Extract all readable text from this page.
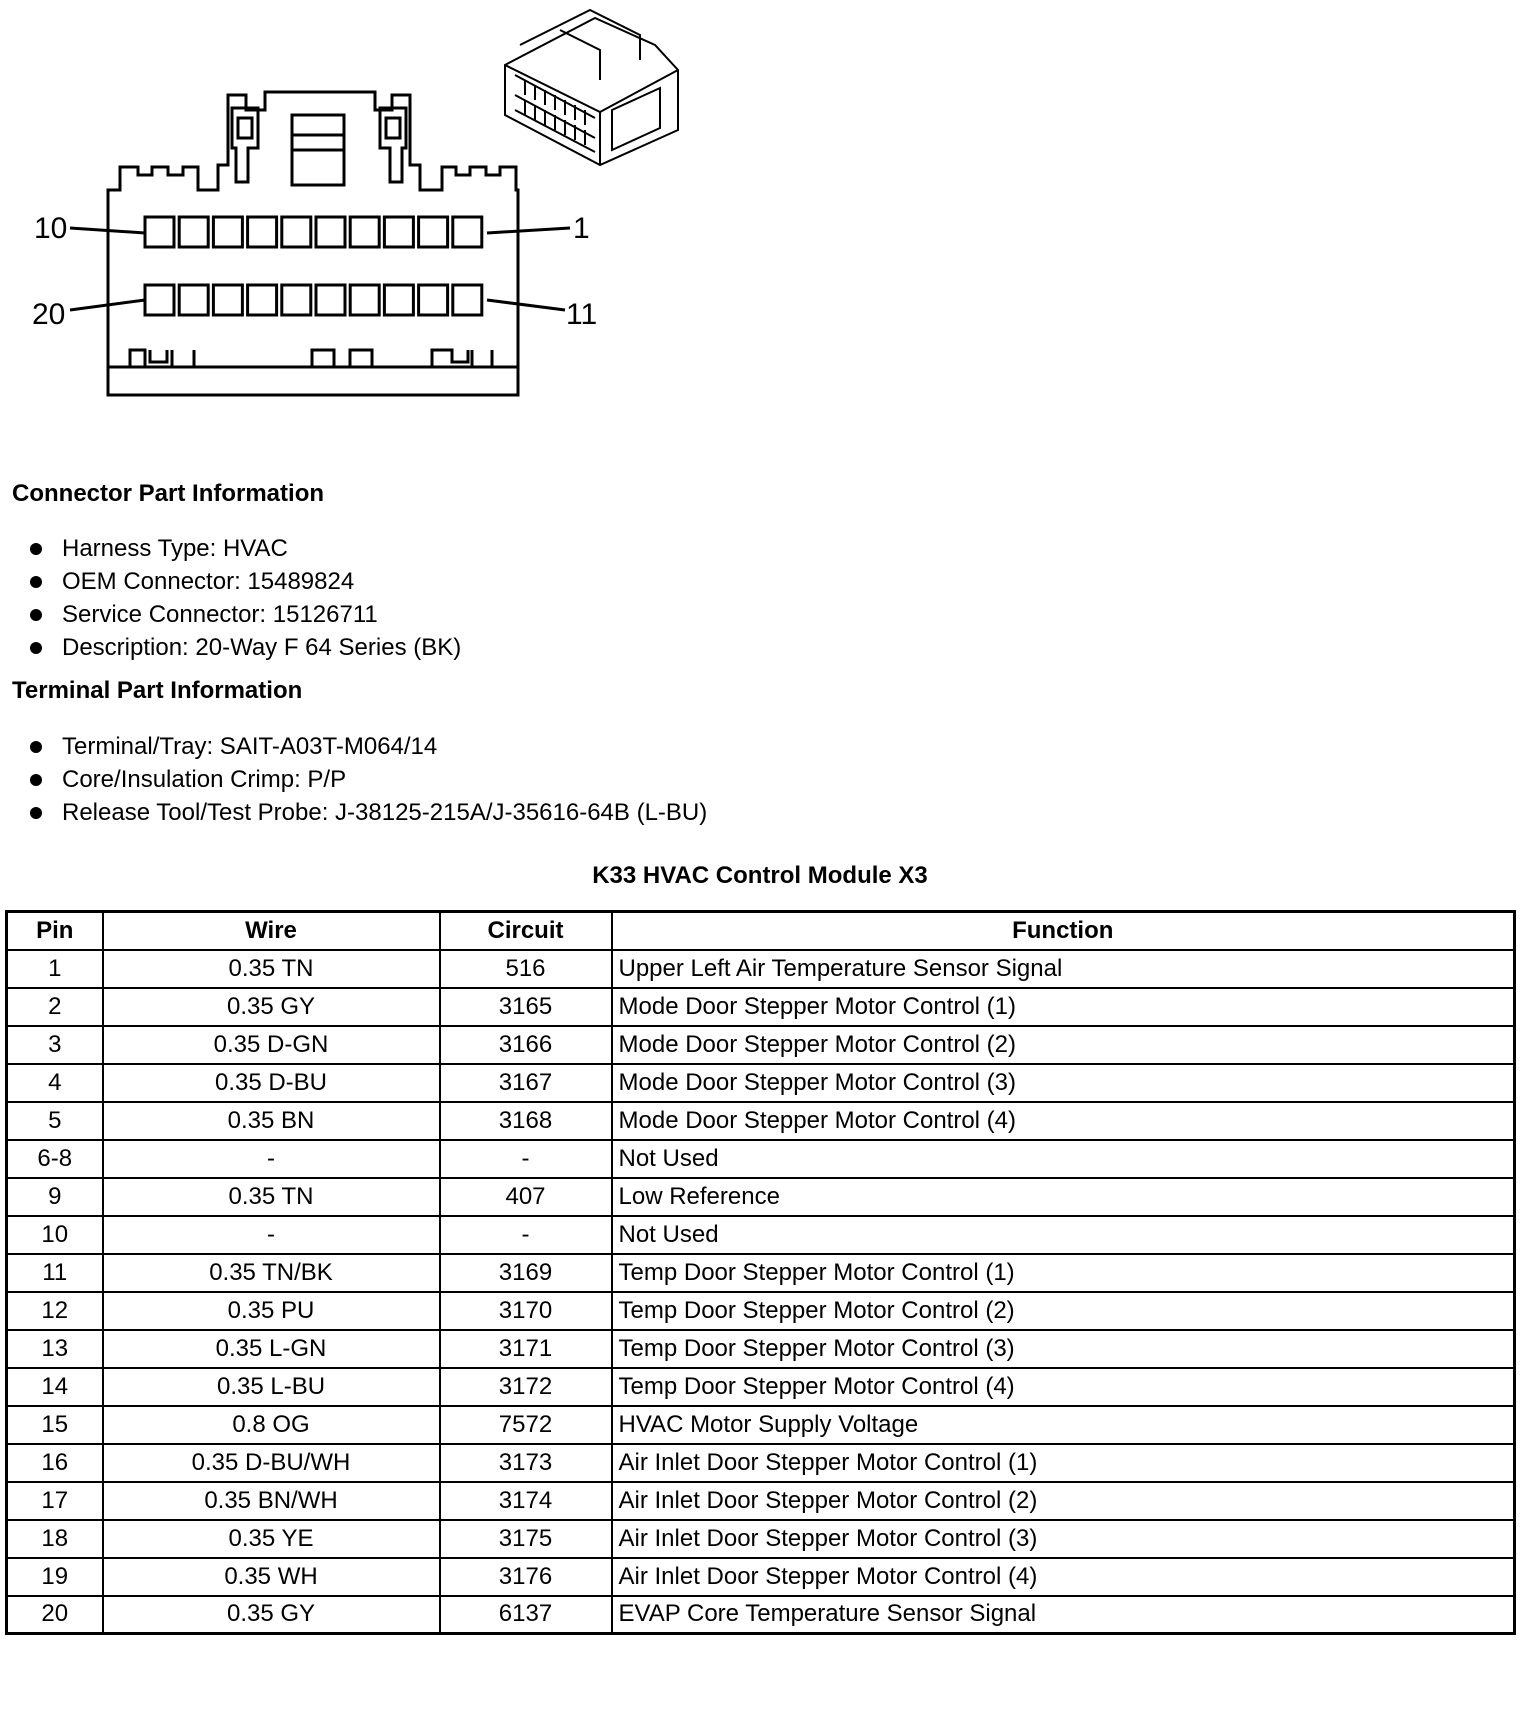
10	1
20	11
Connector Part Information
Harness Type: HVAC
OEM Connector: 15489824
Service Connector: 15126711
Description: 20-Way F 64 Series (BK)
Terminal Part Information
Terminal/Tray: SAIT-A03T-M064/14
Core/Insulation Crimp: P/P
Release Tool/Test Probe: J-38125-215A/J-35616-64B (L-BU)
K33 HVAC Control Module X3
Pin	Wire	Circuit	Function
1	0.35 TN	516	Upper Left Air Temperature Sensor Signal
2	0.35 GY	3165	Mode Door Stepper Motor Control (1)
3	0.35 D-GN	3166	Mode Door Stepper Motor Control (2)
4	0.35 D-BU	3167	Mode Door Stepper Motor Control (3)
5	0.35 BN	3168	Mode Door Stepper Motor Control (4)
6-8	-	-	Not Used
9	0.35 TN	407	Low Reference
10	-	-	Not Used
11	0.35 TN/BK	3169	Temp Door Stepper Motor Control (1)
12	0.35 PU	3170	Temp Door Stepper Motor Control (2)
13	0.35 L-GN	3171	Temp Door Stepper Motor Control (3)
14	0.35 L-BU	3172	Temp Door Stepper Motor Control (4)
15	0.8 OG	7572	HVAC Motor Supply Voltage
16	0.35 D-BU/WH	3173	Air Inlet Door Stepper Motor Control (1)
17	0.35 BN/WH	3174	Air Inlet Door Stepper Motor Control (2)
18	0.35 YE	3175	Air Inlet Door Stepper Motor Control (3)
19	0.35 WH	3176	Air Inlet Door Stepper Motor Control (4)
20	0.35 GY	6137	EVAP Core Temperature Sensor Signal
